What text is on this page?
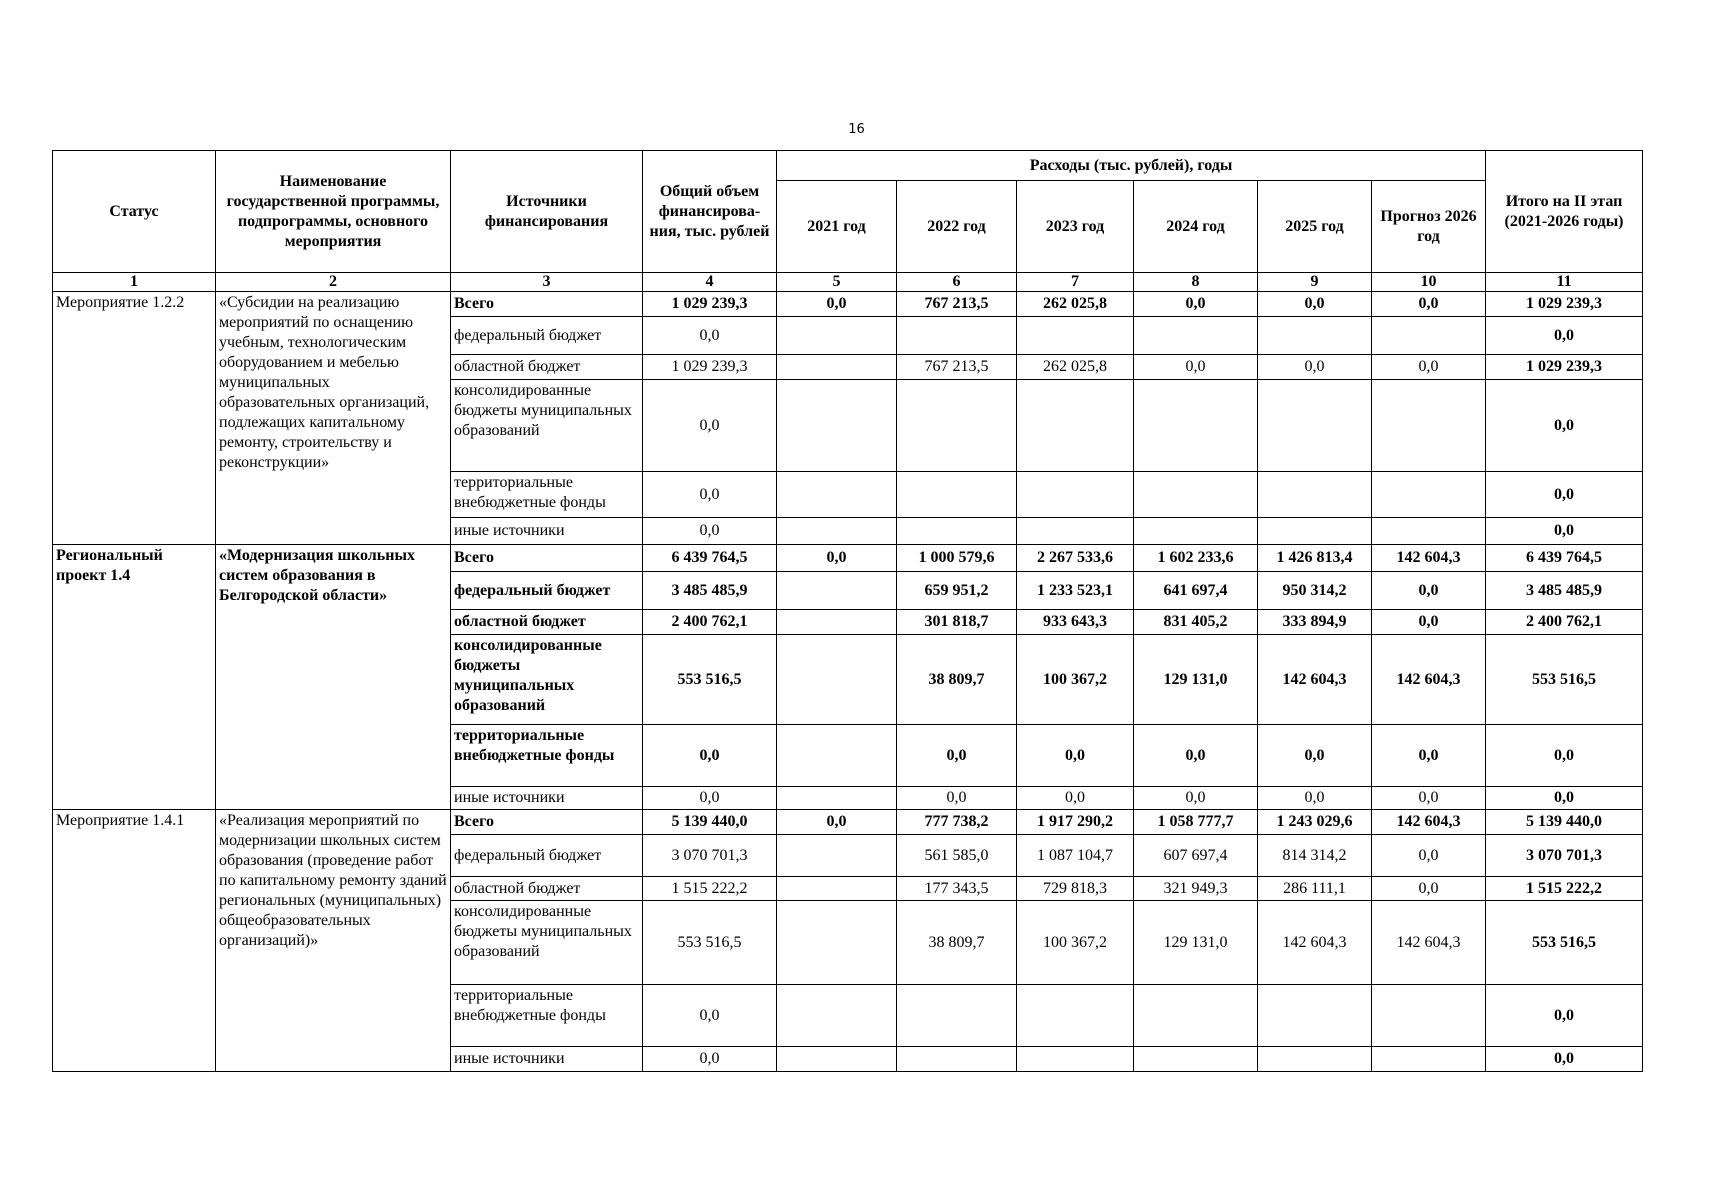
16
Статус	Наименование государственной программы, подпрограммы, основного мероприятия	Источники финансирования	Общий объем финансирова-ния, тыс. рублей	Расходы (тыс. рублей), годы						Итого на II этап (2021-2026 годы)
				2021 год	2022 год	2023 год	2024 год	2025 год	Прогноз 2026 год	
1	2	3	4	5	6	7	8	9	10	11
Мероприятие 1.2.2	«Субсидии на реализацию мероприятий по оснащению учебным, технологическим оборудованием и мебелью муниципальных образовательных организаций, подлежащих капитальному ремонту, строительству и реконструкции»	Всего	1 029 239,3	0,0	767 213,5	262 025,8	0,0	0,0	0,0	1 029 239,3
		федеральный бюджет	0,0							0,0
		областной бюджет	1 029 239,3		767 213,5	262 025,8	0,0	0,0	0,0	1 029 239,3
		консолидированные бюджеты муниципальных образований	0,0							0,0
		территориальные внебюджетные фонды	0,0							0,0
		иные источники	0,0							0,0
Региональный проект 1.4	«Модернизация школьных систем образования в Белгородской области»	Всего	6 439 764,5	0,0	1 000 579,6	2 267 533,6	1 602 233,6	1 426 813,4	142 604,3	6 439 764,5
		федеральный бюджет	3 485 485,9		659 951,2	1 233 523,1	641 697,4	950 314,2	0,0	3 485 485,9
		областной бюджет	2 400 762,1		301 818,7	933 643,3	831 405,2	333 894,9	0,0	2 400 762,1
		консолидированные бюджеты муниципальных образований	553 516,5		38 809,7	100 367,2	129 131,0	142 604,3	142 604,3	553 516,5
		территориальные внебюджетные фонды	0,0		0,0	0,0	0,0	0,0	0,0	0,0
		иные источники	0,0		0,0	0,0	0,0	0,0	0,0	0,0
Мероприятие 1.4.1	«Реализация мероприятий по модернизации школьных систем образования (проведение работ по капитальному ремонту зданий региональных (муниципальных) общеобразовательных организаций)»	Всего	5 139 440,0	0,0	777 738,2	1 917 290,2	1 058 777,7	1 243 029,6	142 604,3	5 139 440,0
		федеральный бюджет	3 070 701,3		561 585,0	1 087 104,7	607 697,4	814 314,2	0,0	3 070 701,3
		областной бюджет	1 515 222,2		177 343,5	729 818,3	321 949,3	286 111,1	0,0	1 515 222,2
		консолидированные бюджеты муниципальных образований	553 516,5		38 809,7	100 367,2	129 131,0	142 604,3	142 604,3	553 516,5
		территориальные внебюджетные фонды	0,0							0,0
		иные источники	0,0							0,0
